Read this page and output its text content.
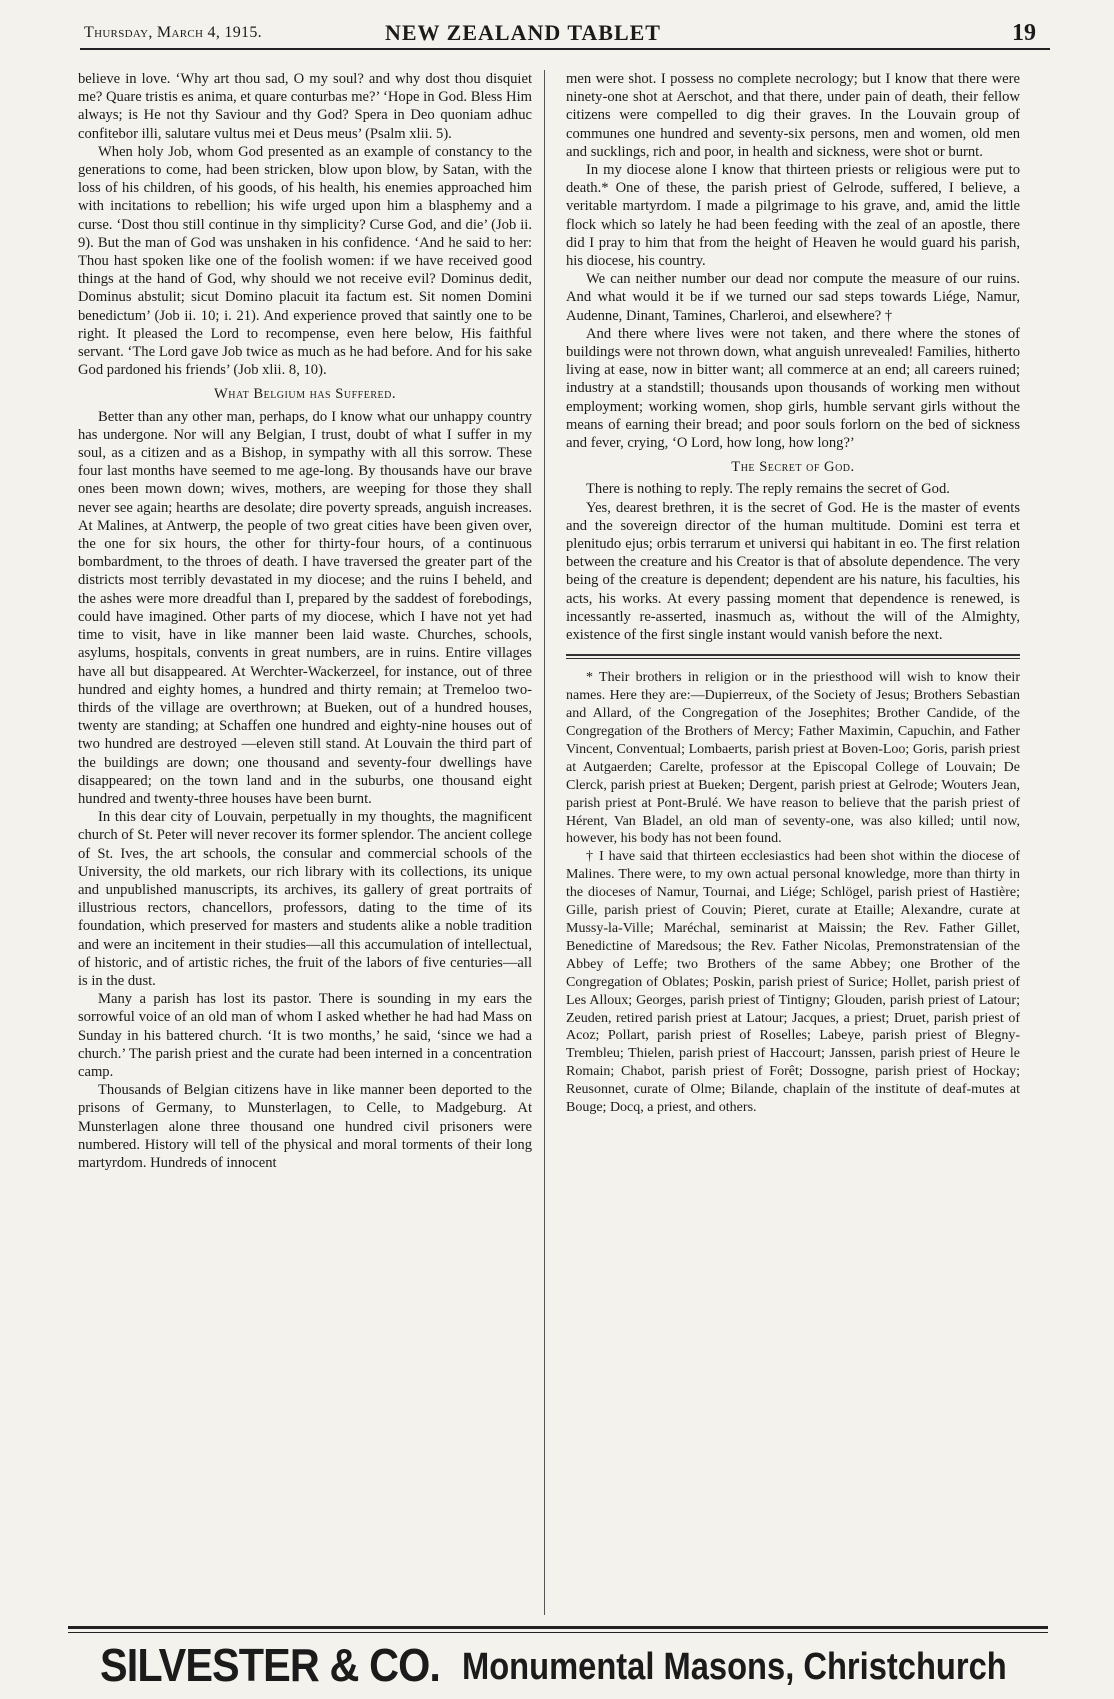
Thursday, March 4, 1915.	NEW ZEALAND TABLET	19

believe in love. ‘Why art thou sad, O my soul? and why dost thou disquiet me? Quare tristis es anima, et quare conturbas me?’ ‘Hope in God. Bless Him always; is He not thy Saviour and thy God? Spera in Deo quoniam adhuc confitebor illi, salutare vultus mei et Deus meus’ (Psalm xlii. 5).

When holy Job, whom God presented as an example of constancy to the generations to come, had been stricken, blow upon blow, by Satan, with the loss of his children, of his goods, of his health, his enemies approached him with incitations to rebellion; his wife urged upon him a blasphemy and a curse. ‘Dost thou still continue in thy simplicity? Curse God, and die’ (Job ii. 9). But the man of God was unshaken in his confidence. ‘And he said to her: Thou hast spoken like one of the foolish women: if we have received good things at the hand of God, why should we not receive evil? Dominus dedit, Dominus abstulit; sicut Domino placuit ita factum est. Sit nomen Domini benedictum’ (Job ii. 10; i. 21). And experience proved that saintly one to be right. It pleased the Lord to recompense, even here below, His faithful servant. ‘The Lord gave Job twice as much as he had before. And for his sake God pardoned his friends’ (Job xlii. 8, 10).

What Belgium has Suffered.

Better than any other man, perhaps, do I know what our unhappy country has undergone. Nor will any Belgian, I trust, doubt of what I suffer in my soul, as a citizen and as a Bishop, in sympathy with all this sorrow. These four last months have seemed to me age-long. By thousands have our brave ones been mown down; wives, mothers, are weeping for those they shall never see again; hearths are desolate; dire poverty spreads, anguish increases. At Malines, at Antwerp, the people of two great cities have been given over, the one for six hours, the other for thirty-four hours, of a continuous bombardment, to the throes of death. I have traversed the greater part of the districts most terribly devastated in my diocese; and the ruins I beheld, and the ashes were more dreadful than I, prepared by the saddest of forebodings, could have imagined. Other parts of my diocese, which I have not yet had time to visit, have in like manner been laid waste. Churches, schools, asylums, hospitals, convents in great numbers, are in ruins. Entire villages have all but disappeared. At Werchter-Wackerzeel, for instance, out of three hundred and eighty homes, a hundred and thirty remain; at Tremeloo two-thirds of the village are overthrown; at Bueken, out of a hundred houses, twenty are standing; at Schaffen one hundred and eighty-nine houses out of two hundred are destroyed —eleven still stand. At Louvain the third part of the buildings are down; one thousand and seventy-four dwellings have disappeared; on the town land and in the suburbs, one thousand eight hundred and twenty-three houses have been burnt.

In this dear city of Louvain, perpetually in my thoughts, the magnificent church of St. Peter will never recover its former splendor. The ancient college of St. Ives, the art schools, the consular and commercial schools of the University, the old markets, our rich library with its collections, its unique and unpublished manuscripts, its archives, its gallery of great portraits of illustrious rectors, chancellors, professors, dating to the time of its foundation, which preserved for masters and students alike a noble tradition and were an incitement in their studies—all this accumulation of intellectual, of historic, and of artistic riches, the fruit of the labors of five centuries—all is in the dust.

Many a parish has lost its pastor. There is sounding in my ears the sorrowful voice of an old man of whom I asked whether he had had Mass on Sunday in his battered church. ‘It is two months,’ he said, ‘since we had a church.’ The parish priest and the curate had been interned in a concentration camp.

Thousands of Belgian citizens have in like manner been deported to the prisons of Germany, to Munsterlagen, to Celle, to Madgeburg. At Munsterlagen alone three thousand one hundred civil prisoners were numbered. History will tell of the physical and moral torments of their long martyrdom. Hundreds of innocent

men were shot. I possess no complete necrology; but I know that there were ninety-one shot at Aerschot, and that there, under pain of death, their fellow citizens were compelled to dig their graves. In the Louvain group of communes one hundred and seventy-six persons, men and women, old men and sucklings, rich and poor, in health and sickness, were shot or burnt.

In my diocese alone I know that thirteen priests or religious were put to death.* One of these, the parish priest of Gelrode, suffered, I believe, a veritable martyrdom. I made a pilgrimage to his grave, and, amid the little flock which so lately he had been feeding with the zeal of an apostle, there did I pray to him that from the height of Heaven he would guard his parish, his diocese, his country.

We can neither number our dead nor compute the measure of our ruins. And what would it be if we turned our sad steps towards Liége, Namur, Audenne, Dinant, Tamines, Charleroi, and elsewhere? †

And there where lives were not taken, and there where the stones of buildings were not thrown down, what anguish unrevealed! Families, hitherto living at ease, now in bitter want; all commerce at an end; all careers ruined; industry at a standstill; thousands upon thousands of working men without employment; working women, shop girls, humble servant girls without the means of earning their bread; and poor souls forlorn on the bed of sickness and fever, crying, ‘O Lord, how long, how long?’

The Secret of God.

There is nothing to reply. The reply remains the secret of God.

Yes, dearest brethren, it is the secret of God. He is the master of events and the sovereign director of the human multitude. Domini est terra et plenitudo ejus; orbis terrarum et universi qui habitant in eo. The first relation between the creature and his Creator is that of absolute dependence. The very being of the creature is dependent; dependent are his nature, his faculties, his acts, his works. At every passing moment that dependence is renewed, is incessantly re-asserted, inasmuch as, without the will of the Almighty, existence of the first single instant would vanish before the next.

* Their brothers in religion or in the priesthood will wish to know their names. Here they are:—Dupierreux, of the Society of Jesus; Brothers Sebastian and Allard, of the Congregation of the Josephites; Brother Candide, of the Congregation of the Brothers of Mercy; Father Maximin, Capuchin, and Father Vincent, Conventual; Lombaerts, parish priest at Boven-Loo; Goris, parish priest at Autgaerden; Carelte, professor at the Episcopal College of Louvain; De Clerck, parish priest at Bueken; Dergent, parish priest at Gelrode; Wouters Jean, parish priest at Pont-Brulé. We have reason to believe that the parish priest of Hérent, Van Bladel, an old man of seventy-one, was also killed; until now, however, his body has not been found.

† I have said that thirteen ecclesiastics had been shot within the diocese of Malines. There were, to my own actual personal knowledge, more than thirty in the dioceses of Namur, Tournai, and Liége; Schlögel, parish priest of Hastière; Gille, parish priest of Couvin; Pieret, curate at Etaille; Alexandre, curate at Mussy-la-Ville; Maréchal, seminarist at Maissin; the Rev. Father Gillet, Benedictine of Maredsous; the Rev. Father Nicolas, Premonstratensian of the Abbey of Leffe; two Brothers of the same Abbey; one Brother of the Congregation of Oblates; Poskin, parish priest of Surice; Hollet, parish priest of Les Alloux; Georges, parish priest of Tintigny; Glouden, parish priest of Latour; Zeuden, retired parish priest at Latour; Jacques, a priest; Druet, parish priest of Acoz; Pollart, parish priest of Roselles; Labeye, parish priest of Blegny-Trembleu; Thielen, parish priest of Haccourt; Janssen, parish priest of Heure le Romain; Chabot, parish priest of Forêt; Dossogne, parish priest of Hockay; Reusonnet, curate of Olme; Bilande, chaplain of the institute of deaf-mutes at Bouge; Docq, a priest, and others.

SILVESTER & CO. Monumental Masons, Christchurch
